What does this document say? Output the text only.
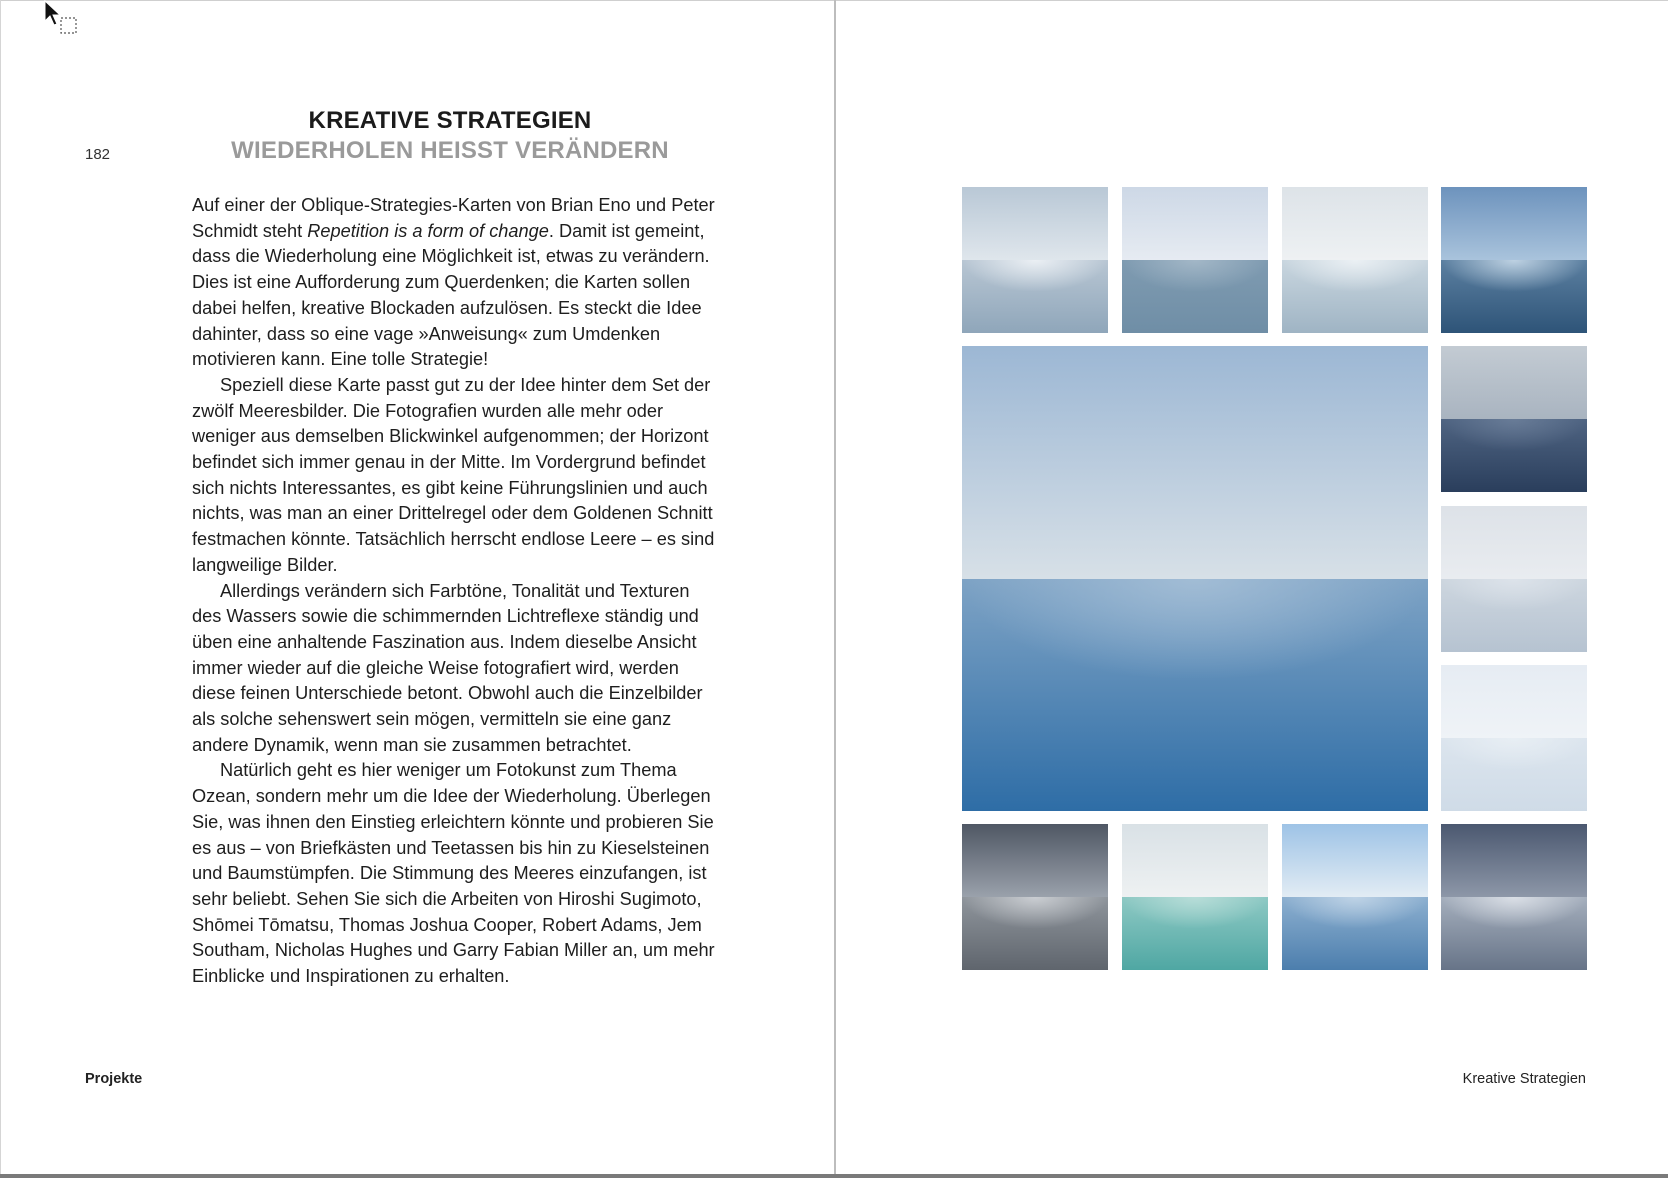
182
KREATIVE STRATEGIEN
WIEDERHOLEN HEISST VERÄNDERN

Auf einer der Oblique-Strategies-Karten von Brian Eno und Peter Schmidt steht Repetition is a form of change. Damit ist gemeint, dass die Wiederholung eine Möglichkeit ist, etwas zu verändern. Dies ist eine Aufforderung zum Querdenken; die Karten sollen dabei helfen, kreative Blockaden aufzulösen. Es steckt die Idee dahinter, dass so eine vage »Anweisung« zum Umdenken motivieren kann. Eine tolle Strategie!

Speziell diese Karte passt gut zu der Idee hinter dem Set der zwölf Meeresbilder. Die Fotografien wurden alle mehr oder weniger aus demselben Blickwinkel aufgenommen; der Horizont befindet sich immer genau in der Mitte. Im Vordergrund befindet sich nichts Interessantes, es gibt keine Führungslinien und auch nichts, was man an einer Drittelregel oder dem Goldenen Schnitt festmachen könnte. Tatsächlich herrscht endlose Leere – es sind langweilige Bilder.

Allerdings verändern sich Farbtöne, Tonalität und Texturen des Wassers sowie die schimmernden Lichtreflexe ständig und üben eine anhaltende Faszination aus. Indem dieselbe Ansicht immer wieder auf die gleiche Weise fotografiert wird, werden diese feinen Unterschiede betont. Obwohl auch die Einzelbilder als solche sehenswert sein mögen, vermitteln sie eine ganz andere Dynamik, wenn man sie zusammen betrachtet.

Natürlich geht es hier weniger um Fotokunst zum Thema Ozean, sondern mehr um die Idee der Wiederholung. Überlegen Sie, was ihnen den Einstieg erleichtern könnte und probieren Sie es aus – von Briefkästen und Teetassen bis hin zu Kieselsteinen und Baumstümpfen. Die Stimmung des Meeres einzufangen, ist sehr beliebt. Sehen Sie sich die Arbeiten von Hiroshi Sugimoto, Shōmei Tōmatsu, Thomas Joshua Cooper, Robert Adams, Jem Southam, Nicholas Hughes und Garry Fabian Miller an, um mehr Einblicke und Inspirationen zu erhalten.

Projekte	Kreative Strategien
